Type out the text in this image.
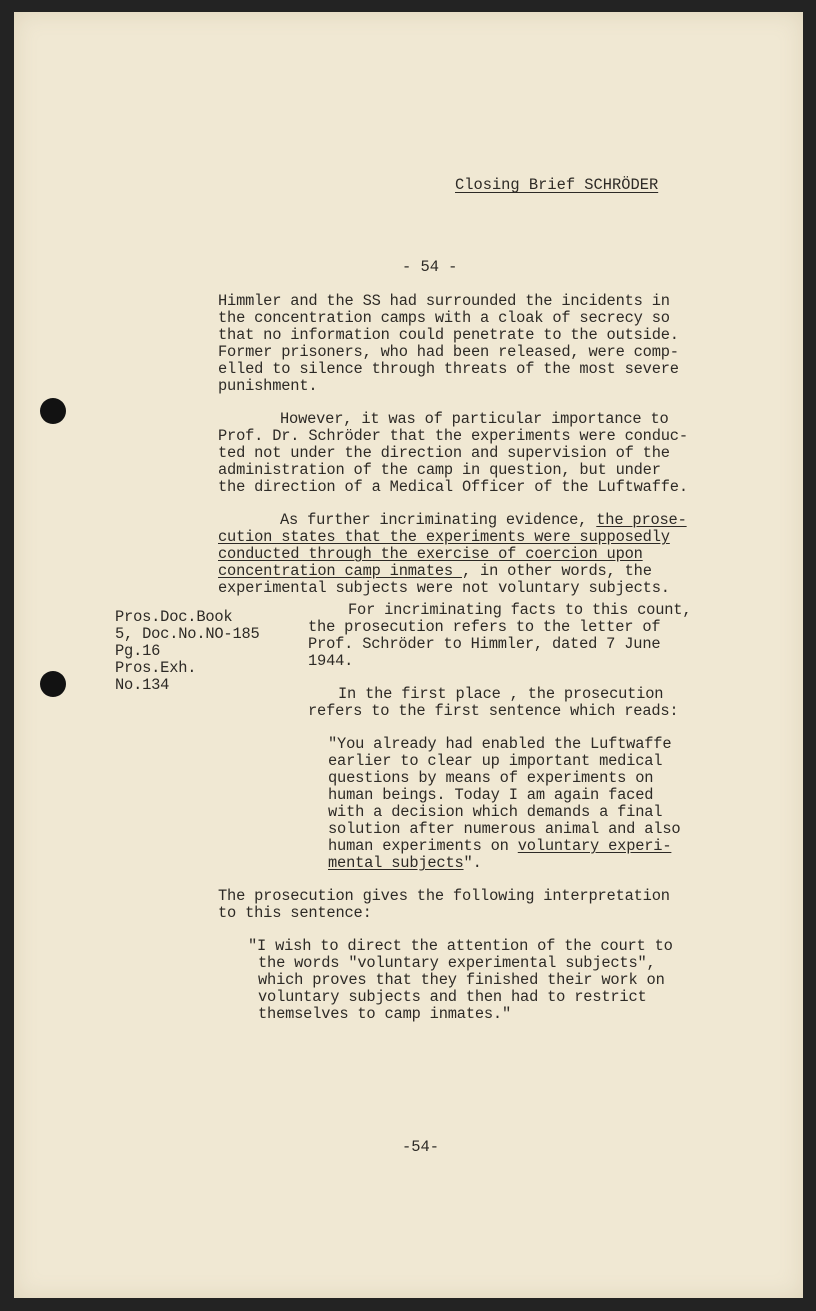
Closing Brief SCHRÖDER
- 54 -
Himmler and the SS had surrounded the incidents in
the concentration camps with a cloak of secrecy so
that no information could penetrate to the outside.
Former prisoners, who had been released, were comp-
elled to silence through threats of the most severe
punishment.
However, it was of particular importance to
Prof. Dr. Schröder that the experiments were conduc-
ted not under the direction and supervision of the
administration of the camp in question, but under
the direction of a Medical Officer of the Luftwaffe.
As further incriminating evidence, the prose-
cution states that the experiments were supposedly
conducted through the exercise of coercion upon
concentration camp inmates , in other words, the
experimental subjects were not voluntary subjects.
Pros.Doc.Book
5, Doc.No.NO-185
Pg.16
Pros.Exh.
No.134
For incriminating facts to this count,
the prosecution refers to the letter of
Prof. Schröder to Himmler, dated 7 June
1944.
In the first place , the prosecution
refers to the first sentence which reads:
"You already had enabled the Luftwaffe
earlier to clear up important medical
questions by means of experiments on
human beings. Today I am again faced
with a decision which demands a final
solution after numerous animal and also
human experiments on voluntary experi-
mental subjects".
The prosecution gives the following interpretation
to this sentence:
"I wish to direct the attention of the court to
the words "voluntary experimental subjects",
which proves that they finished their work on
voluntary subjects and then had to restrict
themselves to camp inmates."
-54-
